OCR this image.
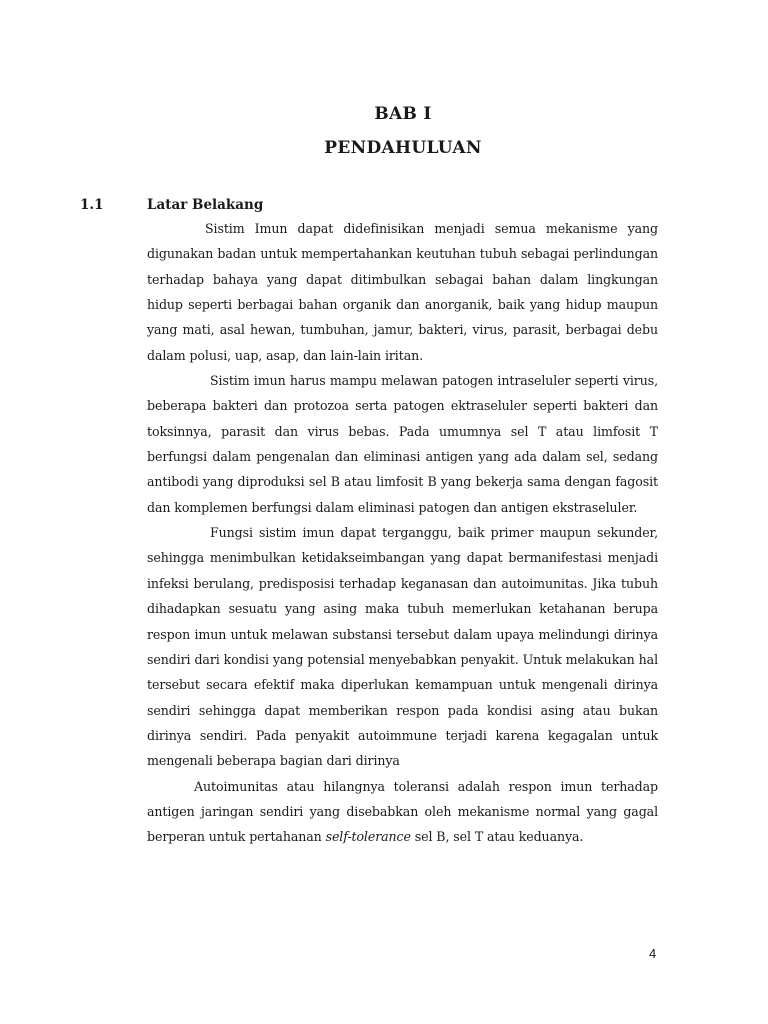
BAB I
PENDAHULUAN
1.1	Latar Belakang

Sistim Imun dapat didefinisikan menjadi semua mekanisme yang digunakan badan untuk mempertahankan keutuhan tubuh sebagai perlindungan terhadap bahaya yang dapat ditimbulkan sebagai bahan dalam lingkungan hidup seperti berbagai bahan organik dan anorganik, baik yang hidup maupun yang mati, asal hewan, tumbuhan, jamur, bakteri, virus, parasit, berbagai debu dalam polusi, uap, asap, dan lain-lain iritan.

Sistim imun harus mampu melawan patogen intraseluler seperti virus, beberapa bakteri dan protozoa serta patogen ektraseluler seperti bakteri dan toksinnya, parasit dan virus bebas. Pada umumnya sel T atau limfosit T berfungsi dalam pengenalan dan eliminasi antigen yang ada dalam sel, sedang antibodi yang diproduksi sel B atau limfosit B yang bekerja sama dengan fagosit dan komplemen berfungsi dalam eliminasi patogen dan antigen ekstraseluler.

Fungsi sistim imun dapat terganggu, baik primer maupun sekunder, sehingga menimbulkan ketidakseimbangan yang dapat bermanifestasi menjadi infeksi berulang, predisposisi terhadap keganasan dan autoimunitas. Jika tubuh dihadapkan sesuatu yang asing maka tubuh memerlukan ketahanan berupa respon imun untuk melawan substansi tersebut dalam upaya melindungi dirinya sendiri dari kondisi yang potensial menyebabkan penyakit. Untuk melakukan hal tersebut secara efektif maka diperlukan kemampuan untuk mengenali dirinya sendiri sehingga dapat memberikan respon pada kondisi asing atau bukan dirinya sendiri. Pada penyakit autoimmune terjadi karena kegagalan untuk mengenali beberapa bagian dari dirinya

Autoimunitas atau hilangnya toleransi adalah respon imun terhadap antigen jaringan sendiri yang disebabkan oleh mekanisme normal yang gagal berperan untuk pertahanan self-tolerance sel B, sel T atau keduanya.

4
